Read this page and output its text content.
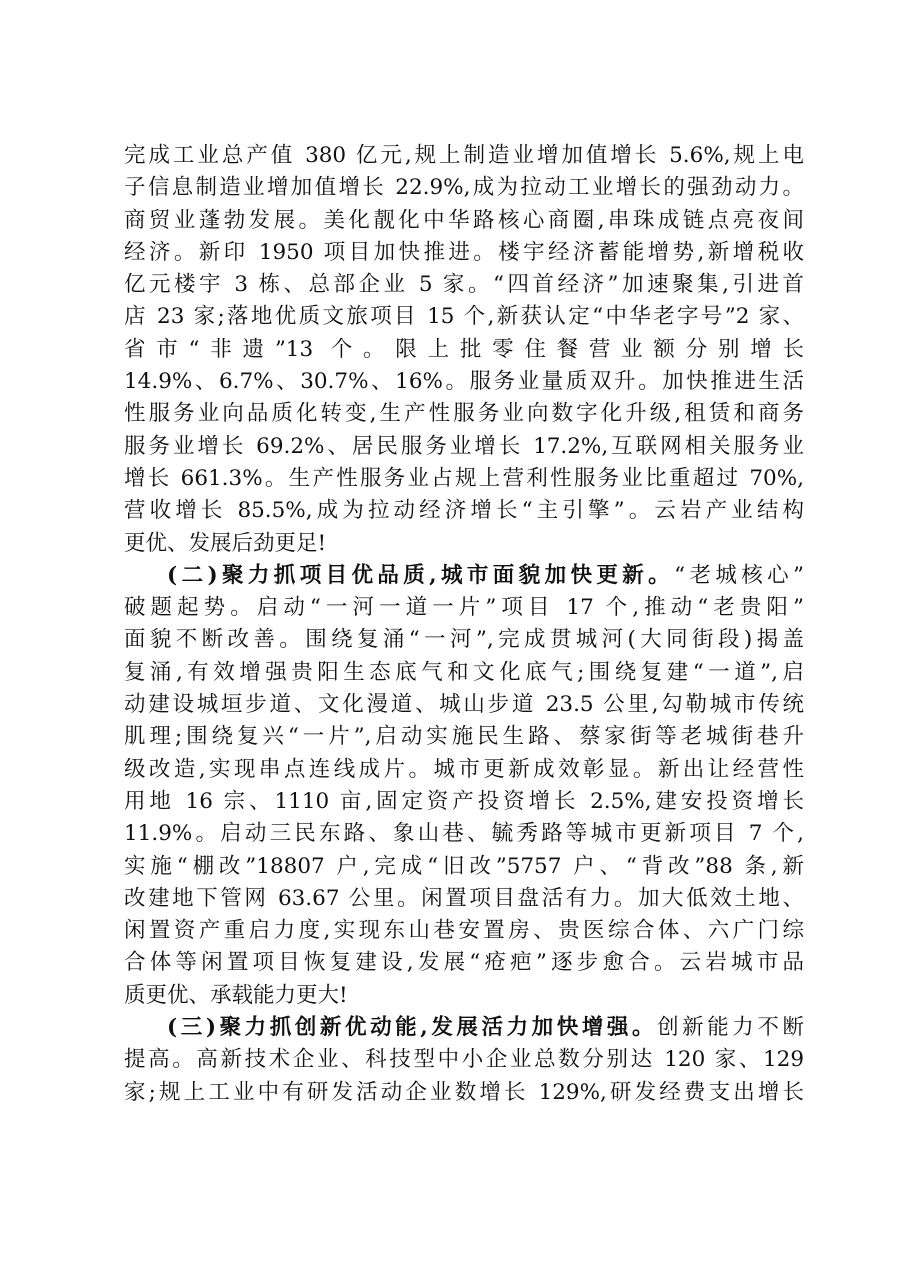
完成工业总产值 380 亿元,规上制造业增加值增长 5.6%,规上电
子信息制造业增加值增长 22.9%,成为拉动工业增长的强劲动力。
商贸业蓬勃发展。美化靓化中华路核心商圈,串珠成链点亮夜间
经济。新印 1950 项目加快推进。楼宇经济蓄能增势,新增税收
亿元楼宇 3 栋、总部企业 5 家。“四首经济”加速聚集,引进首
店 23 家;落地优质文旅项目 15 个,新获认定“中华老字号”2 家、
省市“非遗”13 个。限上批零住餐营业额分别增长
14.9%、6.7%、30.7%、16%。服务业量质双升。加快推进生活
性服务业向品质化转变,生产性服务业向数字化升级,租赁和商务
服务业增长 69.2%、居民服务业增长 17.2%,互联网相关服务业
增长 661.3%。生产性服务业占规上营利性服务业比重超过 70%,
营收增长 85.5%,成为拉动经济增长“主引擎”。云岩产业结构
更优、发展后劲更足!
(二)聚力抓项目优品质,城市面貌加快更新。“老城核心”
破题起势。启动“一河一道一片”项目 17 个,推动“老贵阳”
面貌不断改善。围绕复涌“一河”,完成贯城河(大同街段)揭盖
复涌,有效增强贵阳生态底气和文化底气;围绕复建“一道”,启
动建设城垣步道、文化漫道、城山步道 23.5 公里,勾勒城市传统
肌理;围绕复兴“一片”,启动实施民生路、蔡家街等老城街巷升
级改造,实现串点连线成片。城市更新成效彰显。新出让经营性
用地 16 宗、1110 亩,固定资产投资增长 2.5%,建安投资增长
11.9%。启动三民东路、象山巷、毓秀路等城市更新项目 7 个,
实施“棚改”18807 户,完成“旧改”5757 户、“背改”88 条,新
改建地下管网 63.67 公里。闲置项目盘活有力。加大低效土地、
闲置资产重启力度,实现东山巷安置房、贵医综合体、六广门综
合体等闲置项目恢复建设,发展“疮疤”逐步愈合。云岩城市品
质更优、承载能力更大!
(三)聚力抓创新优动能,发展活力加快增强。创新能力不断
提高。高新技术企业、科技型中小企业总数分别达 120 家、129
家;规上工业中有研发活动企业数增长 129%,研发经费支出增长
